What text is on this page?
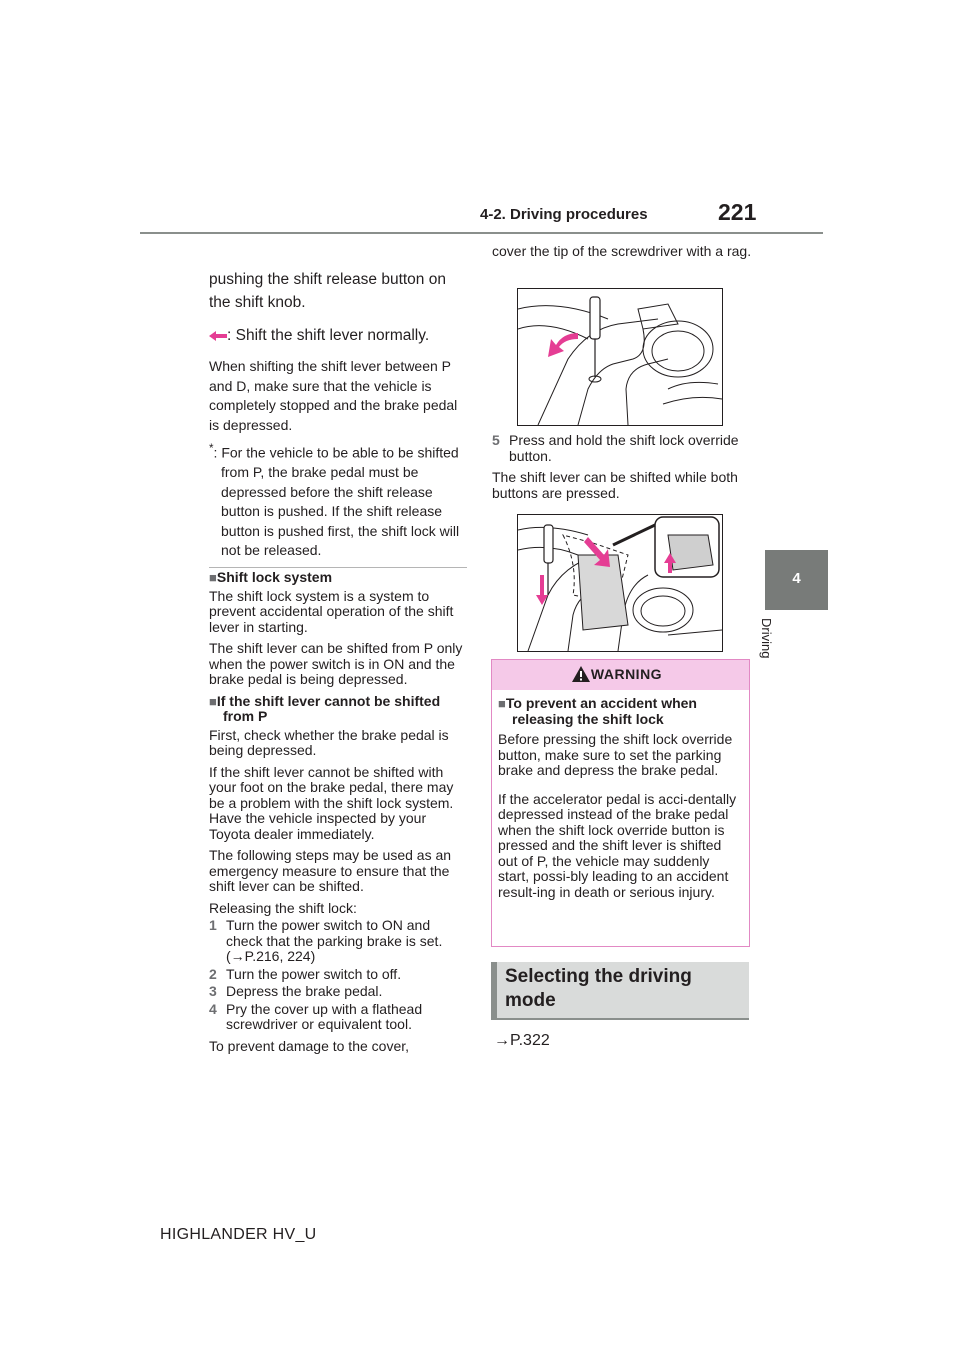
4-2. Driving procedures	221
4
Driving
pushing the shift release button on the shift knob.
: Shift the shift lever normally.
When shifting the shift lever between P and D, make sure that the vehicle is completely stopped and the brake pedal is depressed.
*: For the vehicle to be able to be shifted from P, the brake pedal must be depressed before the shift release button is pushed. If the shift release button is pushed first, the shift lock will not be released.
■Shift lock system
The shift lock system is a system to prevent accidental operation of the shift lever in starting.
The shift lever can be shifted from P only when the power switch is in ON and the brake pedal is being depressed.
■If the shift lever cannot be shifted from P
First, check whether the brake pedal is being depressed.
If the shift lever cannot be shifted with your foot on the brake pedal, there may be a problem with the shift lock system. Have the vehicle inspected by your Toyota dealer immediately.
The following steps may be used as an emergency measure to ensure that the shift lever can be shifted.
Releasing the shift lock:
1 Turn the power switch to ON and check that the parking brake is set. (→P.216, 224)
2 Turn the power switch to off.
3 Depress the brake pedal.
4 Pry the cover up with a flathead screwdriver or equivalent tool.
To prevent damage to the cover,
cover the tip of the screwdriver with a rag.
5 Press and hold the shift lock override button.
The shift lever can be shifted while both buttons are pressed.
WARNING
■To prevent an accident when releasing the shift lock
Before pressing the shift lock override button, make sure to set the parking brake and depress the brake pedal.
If the accelerator pedal is acci-dentally depressed instead of the brake pedal when the shift lock override button is pressed and the shift lever is shifted out of P, the vehicle may suddenly start, possi-bly leading to an accident result-ing in death or serious injury.
Selecting the driving mode
→P.322
HIGHLANDER HV_U
